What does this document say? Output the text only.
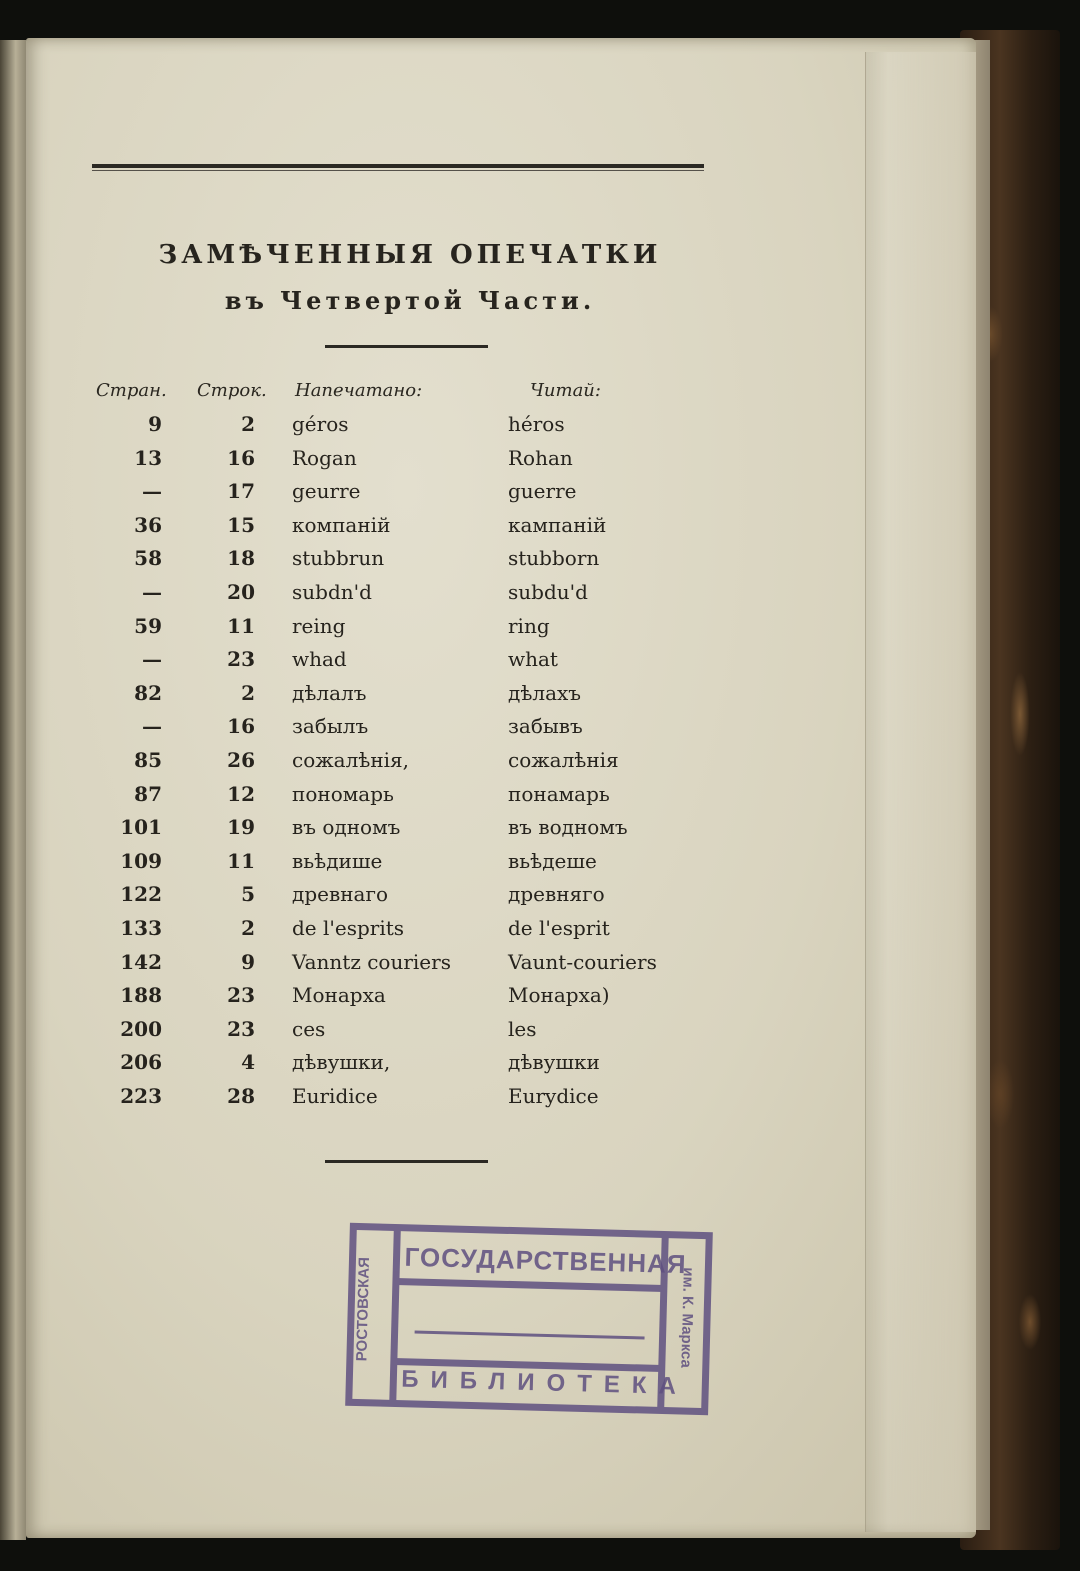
ЗАМѢЧЕННЫЯ ОПЕЧАТКИ
въ Четвертой Части.
Стран. Строк. Напечатано:	Читай:
9	2 géros	héros
13	16 Rogan	Rohan
—	17 geurre	guerre
36	15 компаній	кампаній
58	18 stubbrun	stubborn
—	20 subdn'd	subdu'd
59	11 reing	ring
—	23 whad	what
82	2 дѣлалъ	дѣлахъ
—	16 забылъ	забывъ
85	26 сожалѣнія,	сожалѣнія
87	12 пономарь	понамарь
101	19 въ одномъ	въ водномъ
109	11 вьѣдише	вьѣдеше
122	5 древнаго	древняго
133	2 de l'esprits	de l'esprit
142	9 Vanntz couriers	Vaunt-couriers
188	23 Монарха	Монарха)
200	23 ces	les
206	4 дѣвушки,	дѣвушки
223	28 Euridice	Eurydice
ГОСУДАРСТВЕННАЯ
РОСТОВСКАЯ	им. К. Маркса
БИБЛИОТЕКА
